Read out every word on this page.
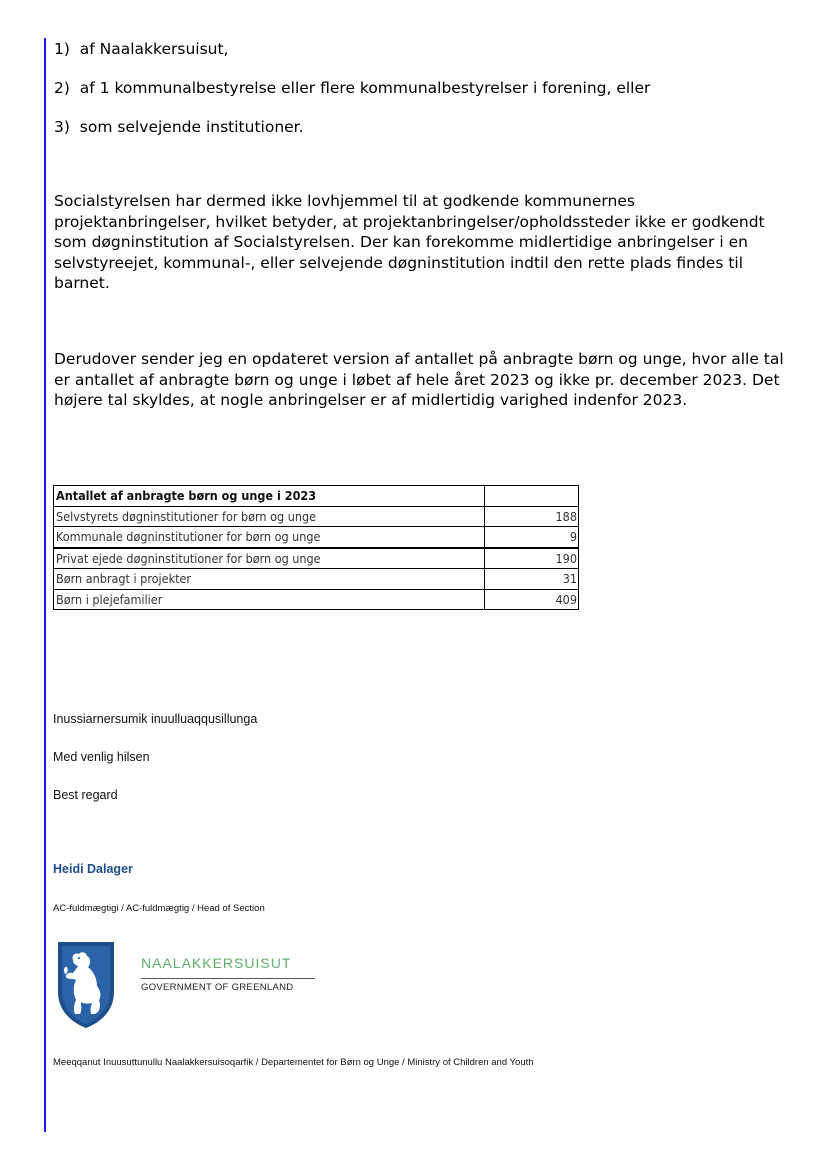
1) af Naalakkersuisut,
2) af 1 kommunalbestyrelse eller flere kommunalbestyrelser i forening, eller
3) som selvejende institutioner.

Socialstyrelsen har dermed ikke lovhjemmel til at godkende kommunernes projektanbringelser, hvilket betyder, at projektanbringelser/opholdssteder ikke er godkendt som døgninstitution af Socialstyrelsen. Der kan forekomme midlertidige anbringelser i en selvstyreejet, kommunal-, eller selvejende døgninstitution indtil den rette plads findes til barnet.

Derudover sender jeg en opdateret version af antallet på anbragte børn og unge, hvor alle tal er antallet af anbragte børn og unge i løbet af hele året 2023 og ikke pr. december 2023. Det højere tal skyldes, at nogle anbringelser er af midlertidig varighed indenfor 2023.

Antallet af anbragte børn og unge i 2023	
Selvstyrets døgninstitutioner for børn og unge	188
Kommunale døgninstitutioner for børn og unge	9
Privat ejede døgninstitutioner for børn og unge	190
Børn anbragt i projekter	31
Børn i plejefamilier	409
Inussiarnersumik inuulluaqqusillunga
Med venlig hilsen
Best regard
Heidi Dalager
AC-fuldmægtigi / AC-fuldmægtig / Head of Section
NAALAKKERSUISUT
GOVERNMENT OF GREENLAND
Meeqqanut Inuusuttunullu Naalakkersuisoqarfik / Departementet for Børn og Unge / Ministry of Children and Youth
